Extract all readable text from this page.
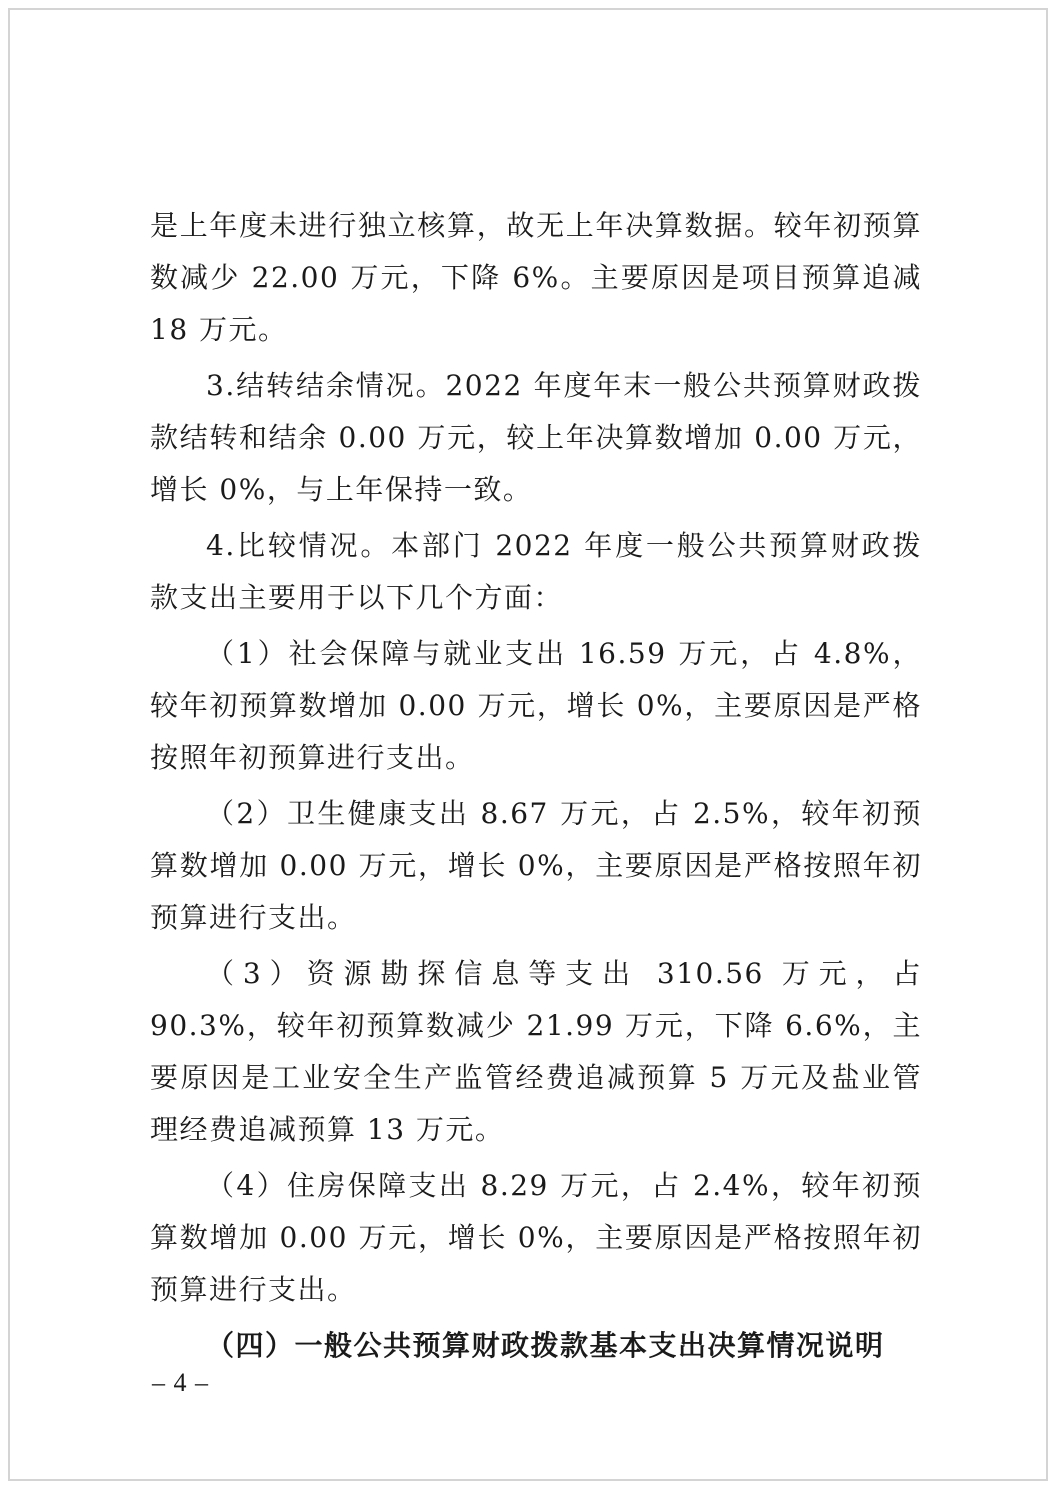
是上年度未进行独立核算，故无上年决算数据。较年初预算数减少 22.00 万元，下降 6%。主要原因是项目预算追减 18 万元。

3.结转结余情况。2022 年度年末一般公共预算财政拨款结转和结余 0.00 万元，较上年决算数增加 0.00 万元，增长 0%，与上年保持一致。

4.比较情况。本部门 2022 年度一般公共预算财政拨款支出主要用于以下几个方面：

（1）社会保障与就业支出 16.59 万元，占 4.8%，较年初预算数增加 0.00 万元，增长 0%，主要原因是严格按照年初预算进行支出。

（2）卫生健康支出 8.67 万元，占 2.5%，较年初预算数增加 0.00 万元，增长 0%，主要原因是严格按照年初预算进行支出。

（3）资源勘探信息等支出 310.56 万元，占 90.3%，较年初预算数减少 21.99 万元，下降 6.6%，主要原因是工业安全生产监管经费追减预算 5 万元及盐业管理经费追减预算 13 万元。

（4）住房保障支出 8.29 万元，占 2.4%，较年初预算数增加 0.00 万元，增长 0%，主要原因是严格按照年初预算进行支出。

（四）一般公共预算财政拨款基本支出决算情况说明

– 4 –
